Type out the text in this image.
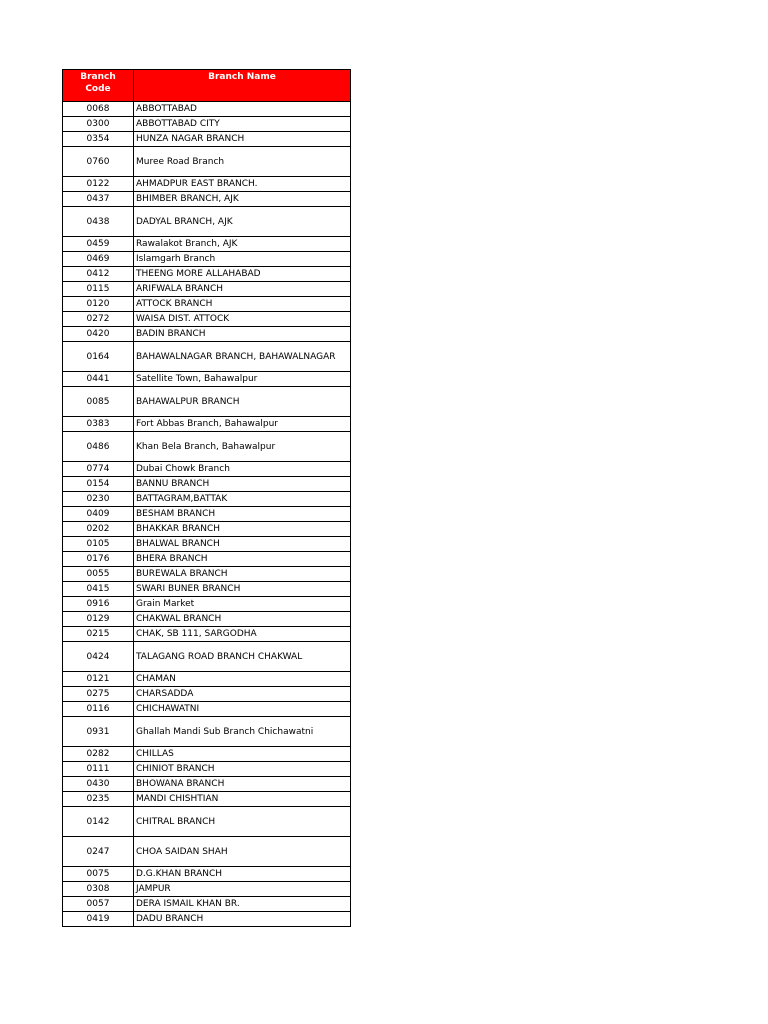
Branch
Code	Branch Name
0068	ABBOTTABAD
0300	ABBOTTABAD CITY
0354	HUNZA NAGAR BRANCH
0760	Muree Road Branch
0122	AHMADPUR EAST BRANCH.
0437	BHIMBER BRANCH, AJK
0438	DADYAL BRANCH, AJK
0459	Rawalakot Branch, AJK
0469	Islamgarh Branch
0412	THEENG MORE ALLAHABAD
0115	ARIFWALA BRANCH
0120	ATTOCK BRANCH
0272	WAISA DIST. ATTOCK
0420	BADIN BRANCH
0164	BAHAWALNAGAR BRANCH, BAHAWALNAGAR
0441	Satellite Town, Bahawalpur
0085	BAHAWALPUR BRANCH
0383	Fort Abbas Branch, Bahawalpur
0486	Khan Bela Branch, Bahawalpur
0774	Dubai Chowk Branch
0154	BANNU BRANCH
0230	BATTAGRAM,BATTAK
0409	BESHAM BRANCH
0202	BHAKKAR BRANCH
0105	BHALWAL BRANCH
0176	BHERA BRANCH
0055	BUREWALA BRANCH
0415	SWARI BUNER BRANCH
0916	Grain Market
0129	CHAKWAL BRANCH
0215	CHAK, SB 111, SARGODHA
0424	TALAGANG ROAD BRANCH CHAKWAL
0121	CHAMAN
0275	CHARSADDA
0116	CHICHAWATNI
0931	Ghallah Mandi Sub Branch Chichawatni
0282	CHILLAS
0111	CHINIOT BRANCH
0430	BHOWANA BRANCH
0235	MANDI CHISHTIAN
0142	CHITRAL BRANCH
0247	CHOA SAIDAN SHAH
0075	D.G.KHAN BRANCH
0308	JAMPUR
0057	DERA ISMAIL KHAN BR.
0419	DADU BRANCH
